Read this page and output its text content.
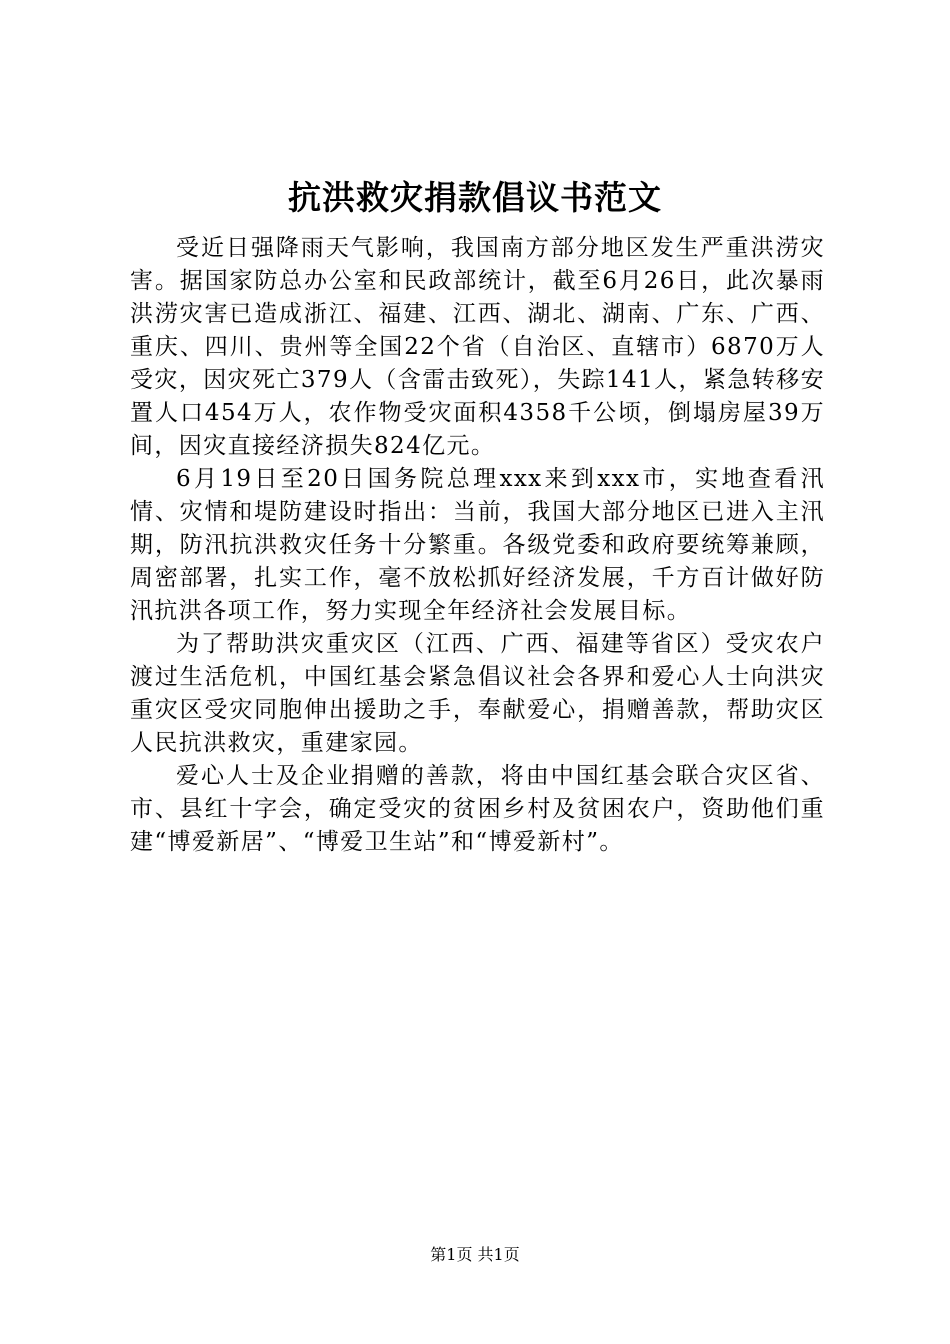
抗洪救灾捐款倡议书范文

受近日强降雨天气影响，我国南方部分地区发生严重洪涝灾害。据国家防总办公室和民政部统计，截至6月26日，此次暴雨洪涝灾害已造成浙江、福建、江西、湖北、湖南、广东、广西、重庆、四川、贵州等全国22个省（自治区、直辖市）6870万人受灾，因灾死亡379人（含雷击致死），失踪141人，紧急转移安置人口454万人，农作物受灾面积4358千公顷，倒塌房屋39万间，因灾直接经济损失824亿元。

6月19日至20日国务院总理xxx来到xxx市，实地查看汛情、灾情和堤防建设时指出：当前，我国大部分地区已进入主汛期，防汛抗洪救灾任务十分繁重。各级党委和政府要统筹兼顾，周密部署，扎实工作，毫不放松抓好经济发展，千方百计做好防汛抗洪各项工作，努力实现全年经济社会发展目标。

为了帮助洪灾重灾区（江西、广西、福建等省区）受灾农户渡过生活危机，中国红基会紧急倡议社会各界和爱心人士向洪灾重灾区受灾同胞伸出援助之手，奉献爱心，捐赠善款，帮助灾区人民抗洪救灾，重建家园。

爱心人士及企业捐赠的善款，将由中国红基会联合灾区省、市、县红十字会，确定受灾的贫困乡村及贫困农户，资助他们重建“博爱新居”、“博爱卫生站”和“博爱新村”。

第1页 共1页
